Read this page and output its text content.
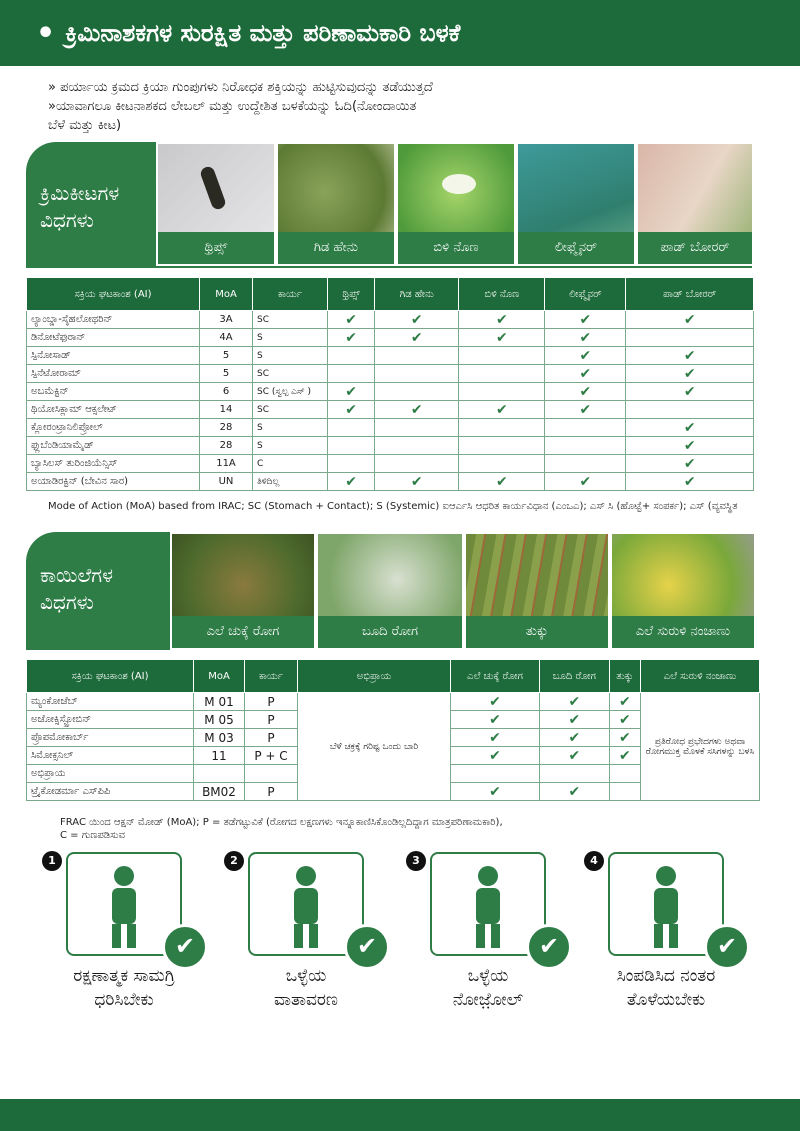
• ಕ್ರಿಮಿನಾಶಕಗಳ ಸುರಕ್ಷಿತ ಮತ್ತು ಪರಿಣಾಮಕಾರಿ ಬಳಕೆ
» ಪರ್ಯಾಯ ಕ್ರಮದ ಕ್ರಿಯಾ ಗುಂಪುಗಳು ನಿರೋಧಕ ಶಕ್ತಿಯನ್ನು ಹುಟ್ಟಿಸುವುದನ್ನು ತಡೆಯುತ್ತದೆ
»ಯಾವಾಗಲೂ ಕೀಟನಾಶಕದ ಲೇಬಲ್ ಮತ್ತು ಉದ್ದೇಶಿತ ಬಳಕೆಯನ್ನು ಓದಿ(ನೋಂದಾಯಿತ
ಬೆಳೆ ಮತ್ತು ಕೀಟ)
ಕ್ರಿಮಿಕೀಟಗಳ ವಿಧಗಳು
ಥ್ರಿಪ್ಸ್	ಗಿಡ ಹೇನು	ಬಿಳಿ ನೊಣ	ಲೀಫ್ಮೈನರ್	ಪಾಡ್ ಬೋರರ್
ಸಕ್ರಿಯ ಘಟಕಾಂಶ (AI)	MoA	ಕಾರ್ಯ	ಥ್ರಿಪ್ಸ್	ಗಿಡ ಹೇನು	ಬಿಳಿ ನೊಣ	ಲೀಫ್ಮೈನರ್	ಪಾಡ್ ಬೋರರ್
ಲ್ಯಾಂಬ್ಡಾ-ಸೈಹಲೋಥರಿನ್	3A	SC	✔	✔	✔	✔	✔
ಡಿನೋಟೆಫುರಾನ್	4A	S	✔	✔	✔	✔	
ಸ್ಪಿನೋಸಾಡ್	5	S				✔	✔
ಸ್ಪಿನೆಟೋರಾಮ್	5	SC				✔	✔
ಅಬಮೆಕ್ಟಿನ್	6	SC (ಸ್ವಲ್ಪ ಎಸ್ )	✔			✔	✔
ಥಿಯೋಸಿಕ್ಲಾಮ್ ಆಕ್ಸಲೇಟ್	14	SC	✔	✔	✔	✔	
ಕ್ಲೋರಂಟ್ರಾನಿಲಿಪ್ರೋಲ್	28	S					✔
ಫ್ಲುಬೆಂಡಿಯಾಮೈಡ್	28	S					✔
ಬ್ಯಾಸಿಲಸ್ ತುರಿಂಜಿಯೆನ್ಸಿಸ್	11A	C					✔
ಅಯಾಡಿರಕ್ಟಿನ್ (ಬೇವಿನ ಸಾರ)	UN	ತಿಳಿದಿಲ್ಲ	✔	✔	✔	✔	✔
Mode of Action (MoA) based from IRAC; SC (Stomach + Contact); S (Systemic) ಐಆರ್ಎಸಿ ಆಧರಿತ ಕಾರ್ಯವಿಧಾನ (ಎಂಒಎ); ಎಸ್ ಸಿ (ಹೊಟ್ಟೆ+ ಸಂಪರ್ಕ); ಎಸ್ (ವ್ಯವಸ್ಥಿತ
ಕಾಯಿಲೆಗಳ ವಿಧಗಳು
ಎಲೆ ಚುಕ್ಕೆ ರೋಗ	ಬೂದಿ ರೋಗ	ತುಕ್ಕು	ಎಲೆ ಸುರುಳಿ ನಂಜಾಣು
ಸಕ್ರಿಯ ಘಟಕಾಂಶ (AI)	MoA	ಕಾರ್ಯ	ಅಭಿಪ್ರಾಯ	ಎಲೆ ಚುಕ್ಕೆ ರೋಗ	ಬೂದಿ ರೋಗ	ತುಕ್ಕು	ಎಲೆ ಸುರುಳಿ ನಂಜಾಣು
ಮ್ಯಂಕೋಜೆಬ್	M 01	P	ಬೆಳೆ ಚಕ್ರಕ್ಕೆ ಗರಿಷ್ಟ ಒಂದು ಬಾರಿ	✔	✔	✔	ಪ್ರತಿರೋಧ ಪ್ರಭೇದಗಳು ಅಥವಾ ರೋಗಮುಕ್ತ ಮೊಳಕೆ ಸಸಿಗಳನ್ನು ಬಳಸಿ
ಅಜೋಕ್ಸಿಸ್ಟ್ರೋಬಿನ್	M 05	P		✔	✔	✔	
ಪ್ರೊಪಮೋಕಾರ್ಬ್	M 03	P		✔	✔	✔	
ಸಿಮೋಕ್ಸನಿಲ್	11	P + C		✔	✔	✔	
ಅಭಿಪ್ರಾಯ							
ಟ್ರೈಕೋಡರ್ಮಾ ಎಸ್‌ಪಿಪಿ	BM02	P		✔	✔		
FRAC ಯಿಂದ ಆಕ್ಷನ್ ಮೋಡ್ (MoA); P = ತಡೆಗಟ್ಟುವಿಕೆ (ರೋಗದ ಲಕ್ಷಣಗಳು ಇನ್ನೂಕಾಣಿಸಿಕೊಂಡಿಲ್ಲದಿದ್ದಾಗ ಮಾತ್ರಪರಿಣಾಮಕಾರಿ),
C = ಗುಣಪಡಿಸುವ
1
✔
ರಕ್ಷಣಾತ್ಮಕ ಸಾಮಗ್ರಿ
ಧರಿಸಿಬೇಕು
2
✔
ಒಳ್ಳೆಯ
ವಾತಾವರಣ
3
✔
ಒಳ್ಳೆಯ
ನೋಜ಼ೋಲ್
4
✔
ಸಿಂಪಡಿಸಿದ ನಂತರ
ತೊಳೆಯಬೇಕು
